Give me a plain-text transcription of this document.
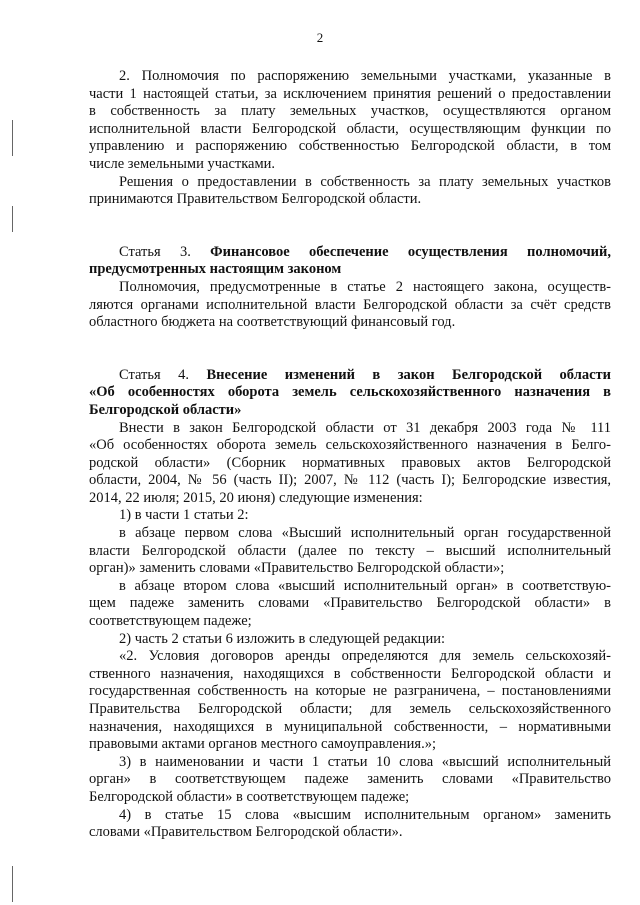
2
2. Полномочия по распоряжению земельными участками, указанные в
части 1 настоящей статьи, за исключением принятия решений о предоставлении
в собственность за плату земельных участков, осуществляются органом
исполнительной власти Белгородской области, осуществляющим функции по
управлению и распоряжению собственностью Белгородской области, в том
числе земельными участками.
Решения о предоставлении в собственность за плату земельных участков
принимаются Правительством Белгородской области.
Статья 3. Финансовое обеспечение осуществления полномочий,
предусмотренных настоящим законом
Полномочия, предусмотренные в статье 2 настоящего закона, осуществ-
ляются органами исполнительной власти Белгородской области за счёт средств
областного бюджета на соответствующий финансовый год.
Статья 4. Внесение изменений в закон Белгородской области
«Об особенностях оборота земель сельскохозяйственного назначения в
Белгородской области»
Внести в закон Белгородской области от 31 декабря 2003 года № 111
«Об особенностях оборота земель сельскохозяйственного назначения в Белго-
родской области» (Сборник нормативных правовых актов Белгородской
области, 2004, № 56 (часть II); 2007, № 112 (часть I); Белгородские известия,
2014, 22 июля; 2015, 20 июня) следующие изменения:
1) в части 1 статьи 2:
в абзаце первом слова «Высший исполнительный орган государственной
власти Белгородской области (далее по тексту – высший исполнительный
орган)» заменить словами «Правительство Белгородской области»;
в абзаце втором слова «высший исполнительный орган» в соответствую-
щем падеже заменить словами «Правительство Белгородской области» в
соответствующем падеже;
2) часть 2 статьи 6 изложить в следующей редакции:
«2. Условия договоров аренды определяются для земель сельскохозяй-
ственного назначения, находящихся в собственности Белгородской области и
государственная собственность на которые не разграничена, – постановлениями
Правительства Белгородской области; для земель сельскохозяйственного
назначения, находящихся в муниципальной собственности, – нормативными
правовыми актами органов местного самоуправления.»;
3) в наименовании и части 1 статьи 10 слова «высший исполнительный
орган» в соответствующем падеже заменить словами «Правительство
Белгородской области» в соответствующем падеже;
4) в статье 15 слова «высшим исполнительным органом» заменить
словами «Правительством Белгородской области».
